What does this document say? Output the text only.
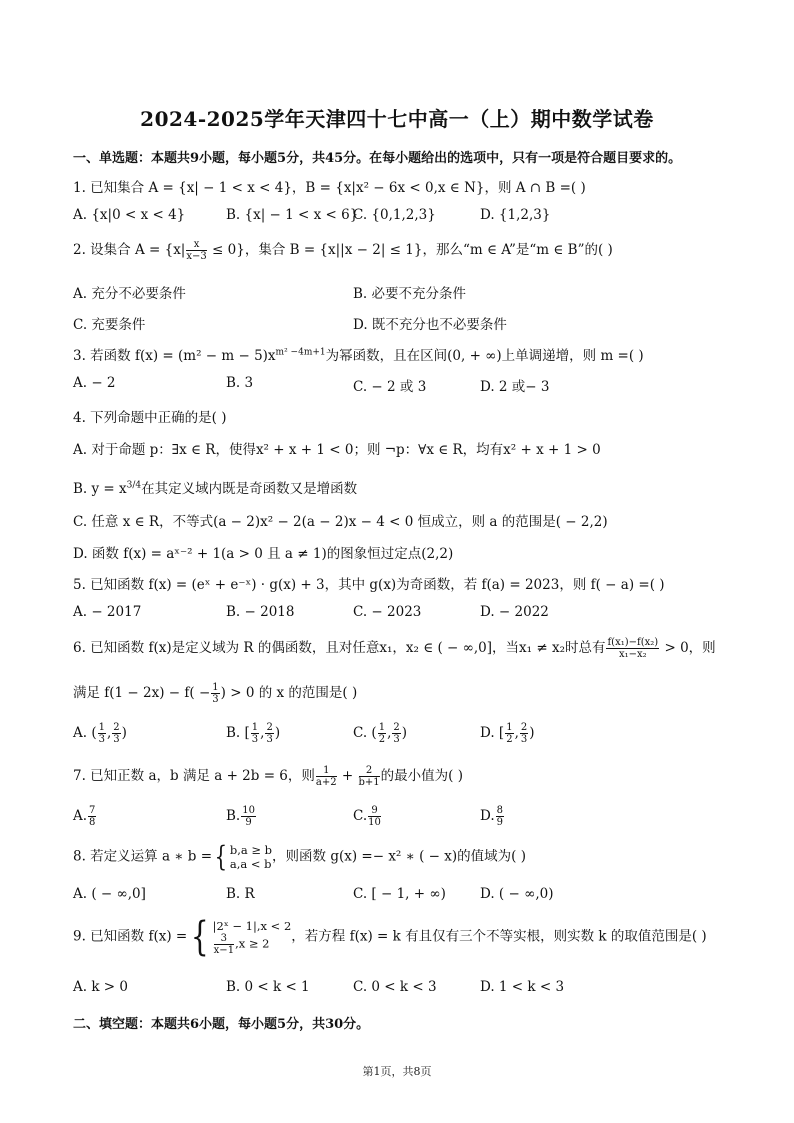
2024-2025学年天津四十七中高一（上）期中数学试卷
一、单选题：本题共9小题，每小题5分，共45分。在每小题给出的选项中，只有一项是符合题目要求的。
1. 已知集合 A = {x| − 1 < x < 4}，B = {x|x² − 6x < 0,x ∈ N}，则 A ∩ B =( )
A. {x|0 < x < 4}	B. {x| − 1 < x < 6}
C. {0,1,2,3}	D. {1,2,3}
2. 设集合 $A = \{x| \frac{x}{x-3} \le 0\}$，集合 B = {x||x − 2| ≤ 1}，那么“m ∈ A”是“m ∈ B”的( )
A. 充分不必要条件	B. 必要不充分条件
C. 充要条件	D. 既不充分也不必要条件
3. 若函数 $f(x) = (m^2 - m - 5)x^{m^2 -4m+1}$为幂函数，且在区间(0, + ∞)上单调递增，则 m =( )
A. − 2	B. 3	C. − 2 或 3	D. 2 或− 3
4. 下列命题中正确的是( )
A. 对于命题 p：∃x ∈ R，使得x² + x + 1 < 0；则 ¬p：∀x ∈ R，均有x² + x + 1 > 0
B. $y = x^{3/4}$在其定义域内既是奇函数又是增函数
C. 任意 x ∈ R，不等式(a − 2)x² − 2(a − 2)x − 4 < 0 恒成立，则 a 的范围是( − 2,2)
D. 函数 f(x) = aˣ⁻² + 1(a > 0 且 a ≠ 1)的图象恒过定点(2,2)
5. 已知函数 f(x) = (eˣ + e⁻ˣ) · g(x) + 3，其中 g(x)为奇函数，若 f(a) = 2023，则 f( − a) =( )
A. − 2017	B. − 2018	C. − 2023	D. − 2022
6. 已知函数 f(x)是定义域为 R 的偶函数，且对任意x₁，x₂ ∈ ( − ∞,0]，当x₁ ≠ x₂时总有 $\frac{\text{f(x₁)−f(x₂)}}{\text{x₁−x₂}} > 0$，则
满足 $f(1 - 2x) - f( - \frac{1}{3}$ ) > 0 的 x 的范围是( )
A. ( $\frac{1}{3}$ , $\frac{2}{3}$ )	B. [ $\frac{1}{3}$ , $\frac{2}{3}$ )	C. ( $\frac{1}{2}$ , $\frac{2}{3}$ )	D. [ $\frac{1}{2}$ , $\frac{2}{3}$ )
7. 已知正数 a，b 满足 a + 2b = 6，则 $\frac{1}{a+2} + \frac{2}{b+1}$ 的最小值为( )
A. $\frac{7}{8}$	B. $\frac{10}{9}$	C. $\frac{9}{10}$	D. $\frac{8}{9}$
8. 若定义运算 a ∗ b ={ b,a ≥ b
a,a < b ，则函数 g(x) =− x² ∗ ( − x)的值域为( )
A. ( − ∞,0]	B. R	C. [ − 1, + ∞)	D. ( − ∞,0)
9. 已知函数 f(x) ={ |2ˣ − 1|,x < 2
$\frac{3}{x-1} ,x \ge 2$	，若方程 f(x) = k 有且仅有三个不等实根，则实数 k 的取值范围是( )
A. k > 0	B. 0 < k < 1	C. 0 < k < 3	D. 1 < k < 3
二、填空题：本题共6小题，每小题5分，共30分。
第1页，共8页
